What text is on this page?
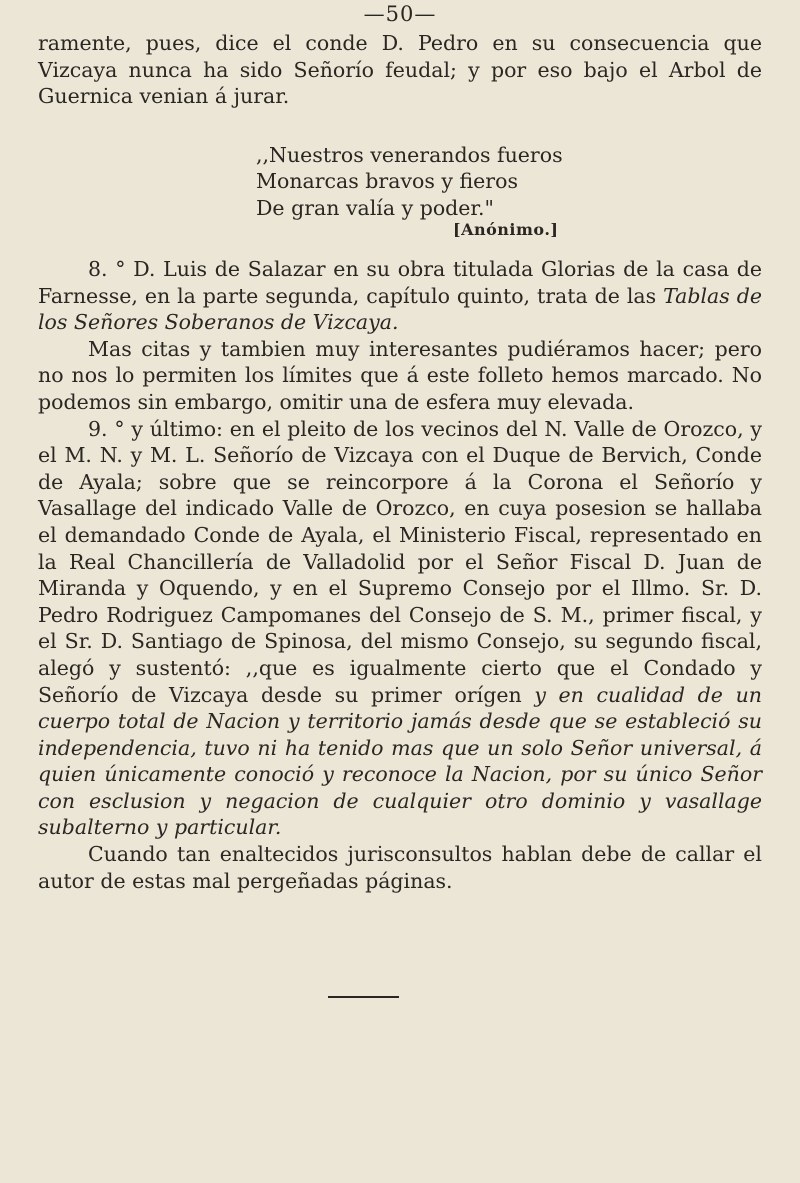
—50—

ramente, pues, dice el conde D. Pedro en su consecuencia que Vizcaya nunca ha sido Señorío feudal; y por eso bajo el Arbol de Guernica venian á jurar.

,,Nuestros venerandos fueros
Monarcas bravos y fieros
De gran valía y poder."
[Anónimo.]

8. ° D. Luis de Salazar en su obra titulada Glorias de la casa de Farnesse, en la parte segunda, capítulo quinto, trata de las Tablas de los Señores Soberanos de Vizcaya.

Mas citas y tambien muy interesantes pudiéramos hacer; pero no nos lo permiten los límites que á este folleto hemos marcado. No podemos sin embargo, omitir una de esfera muy elevada.

9. ° y último: en el pleito de los vecinos del N. Valle de Orozco, y el M. N. y M. L. Señorío de Vizcaya con el Duque de Bervich, Conde de Ayala; sobre que se reincorpore á la Corona el Señorío y Vasallage del indicado Valle de Orozco, en cuya posesion se hallaba el demandado Conde de Ayala, el Ministerio Fiscal, representado en la Real Chancillería de Valladolid por el Señor Fiscal D. Juan de Miranda y Oquendo, y en el Supremo Consejo por el Illmo. Sr. D. Pedro Rodriguez Campomanes del Consejo de S. M., primer fiscal, y el Sr. D. Santiago de Spinosa, del mismo Consejo, su segundo fiscal, alegó y sustentó: ,,que es igualmente cierto que el Condado y Señorío de Vizcaya desde su primer orígen y en cualidad de un cuerpo total de Nacion y territorio jamás desde que se estableció su independencia, tuvo ni ha tenido mas que un solo Señor universal, á quien únicamente conoció y reconoce la Nacion, por su único Señor con esclusion y negacion de cualquier otro dominio y vasallage subalterno y particular.

Cuando tan enaltecidos jurisconsultos hablan debe de callar el autor de estas mal pergeñadas páginas.
